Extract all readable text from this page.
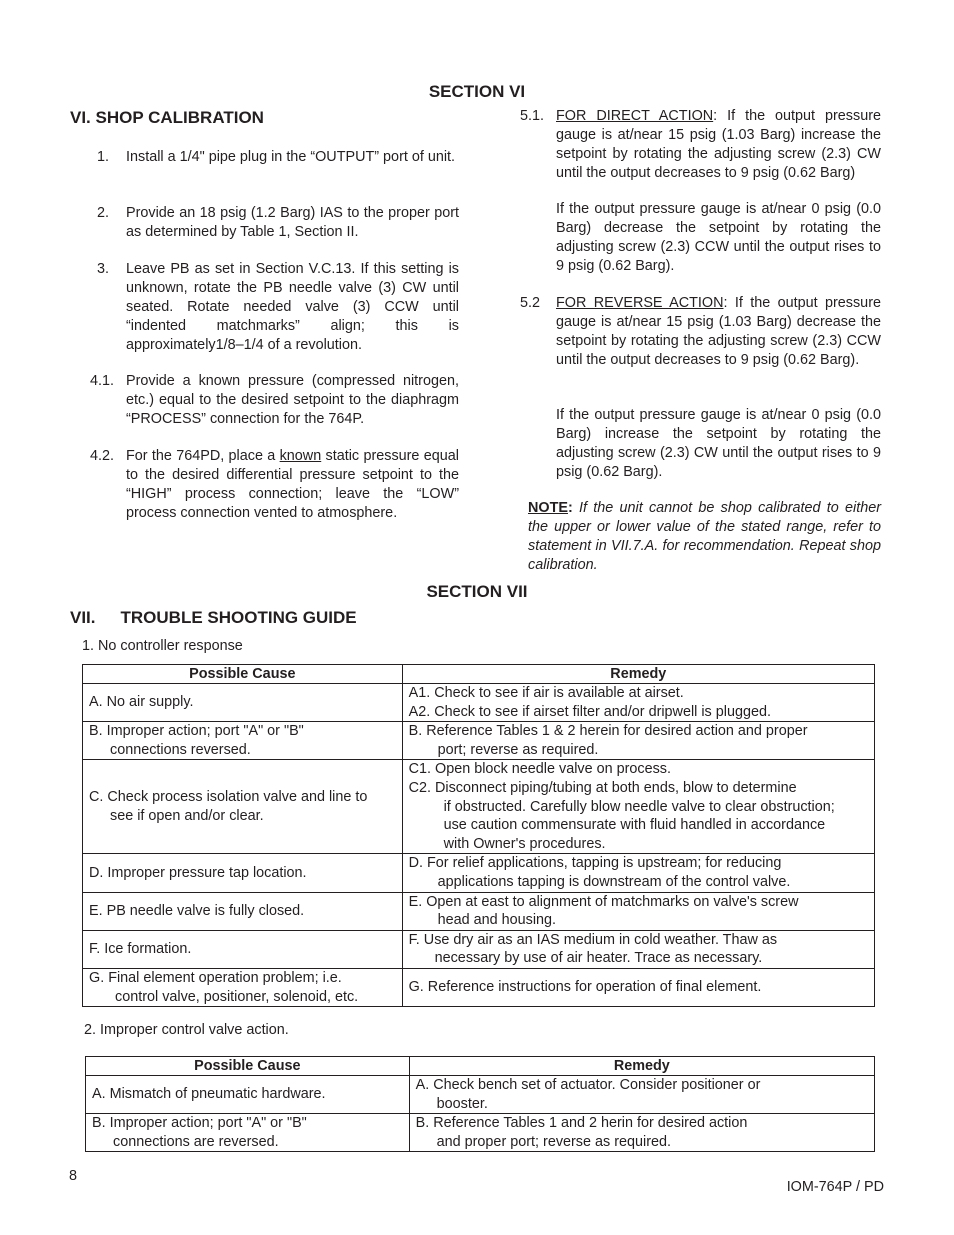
SECTION VI
VI. SHOP CALIBRATION
1. Install a 1/4" pipe plug in the “OUTPUT” port of unit.
2. Provide an 18 psig (1.2 Barg) IAS to the proper port as determined by Table 1, Section II.
3. Leave PB as set in Section V.C.13. If this setting is unknown, rotate the PB needle valve (3) CW until seated. Rotate needed valve (3) CCW until “indented matchmarks” align; this is approximately1/8–1/4 of a revolution.
4.1. Provide a known pressure (compressed nitrogen, etc.) equal to the desired setpoint to the diaphragm “PROCESS” connection for the 764P.
4.2. For the 764PD, place a known static pressure equal to the desired differential pressure setpoint to the “HIGH” process connection; leave the “LOW” process connection vented to atmosphere.
5.1. FOR DIRECT ACTION: If the output pressure gauge is at/near 15 psig (1.03 Barg) increase the setpoint by rotating the adjusting screw (2.3) CW until the output decreases to 9 psig (0.62 Barg)
If the output pressure gauge is at/near 0 psig (0.0 Barg) decrease the setpoint by rotating the adjusting screw (2.3) CCW until the output rises to 9 psig (0.62 Barg).
5.2 FOR REVERSE ACTION: If the output pressure gauge is at/near 15 psig (1.03 Barg) decrease the setpoint by rotating the adjusting screw (2.3) CCW until the output decreases to 9 psig (0.62 Barg).
If the output pressure gauge is at/near 0 psig (0.0 Barg) increase the setpoint by rotating the adjusting screw (2.3) CW until the output rises to 9 psig (0.62 Barg).
NOTE: If the unit cannot be shop calibrated to either the upper or lower value of the stated range, refer to statement in VII.7.A. for recommendation. Repeat shop calibration.
SECTION VII
VII. TROUBLE SHOOTING GUIDE
1. No controller response
Possible Cause	Remedy

A. No air supply.	A1. Check to see if air is available at airset.
A2. Check to see if airset filter and/or dripwell is plugged.

B. Improper action; port "A" or "B"
connections reversed.	B. Reference Tables 1 & 2 herein for desired action and proper
port; reverse as required.

C. Check process isolation valve and line to
see if open and/or clear.	C1. Open block needle valve on process.
C2. Disconnect piping/tubing at both ends, blow to determine
if obstructed. Carefully blow needle valve to clear obstruction;
use caution commensurate with fluid handled in accordance
with Owner's procedures.

D. Improper pressure tap location.	D. For relief applications, tapping is upstream; for reducing
applications tapping is downstream of the control valve.

E. PB needle valve is fully closed.	E. Open at east to alignment of matchmarks on valve's screw
head and housing.

F. Ice formation.	F. Use dry air as an IAS medium in cold weather. Thaw as
necessary by use of air heater. Trace as necessary.

G. Final element operation problem; i.e.
control valve, positioner, solenoid, etc.	G. Reference instructions for operation of final element.
2. Improper control valve action.
Possible Cause	Remedy

A. Mismatch of pneumatic hardware.	A. Check bench set of actuator. Consider positioner or
booster.

B. Improper action; port "A" or "B"
connections are reversed.	B. Reference Tables 1 and 2 herin for desired action
and proper port; reverse as required.
8
IOM-764P / PD
